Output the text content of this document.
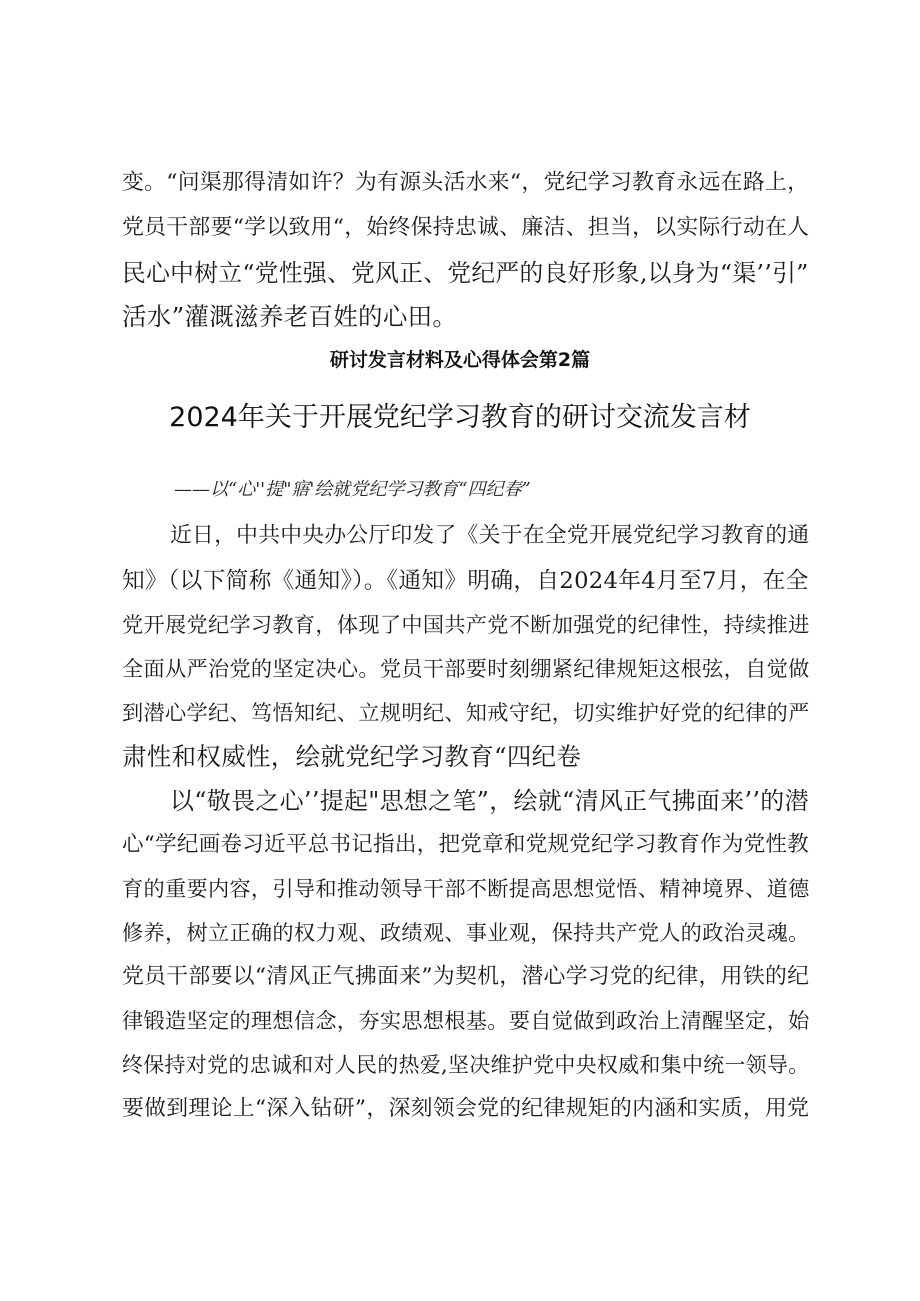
变。“问渠那得清如许？为有源头活水来“，党纪学习教育永远在路上，
党员干部要“学以致用“，始终保持忠诚、廉洁、担当，以实际行动在人
民心中树立“党性强、党风正、党纪严的良好形象,以身为“渠’’引”
活水”灌溉滋养老百姓的心田。
研讨发言材料及心得体会第2篇
2024年关于开展党纪学习教育的研讨交流发言材
——以“心''提"寤'绘就党纪学习教育“四纪春”
近日，中共中央办公厅印发了《关于在全党开展党纪学习教育的通
知》（以下简称《通知》）。《通知》明确，自2024年4月至7月，在全
党开展党纪学习教育，体现了中国共产党不断加强党的纪律性，持续推进
全面从严治党的坚定决心。党员干部要时刻绷紧纪律规矩这根弦，自觉做
到潜心学纪、笃悟知纪、立规明纪、知戒守纪，切实维护好党的纪律的严
肃性和权威性，绘就党纪学习教育“四纪卷
以“敬畏之心’’提起"思想之笔”，绘就“清风正气拂面来’’的潜
心“学纪画卷习近平总书记指出，把党章和党规党纪学习教育作为党性教
育的重要内容，引导和推动领导干部不断提高思想觉悟、精神境界、道德
修养，树立正确的权力观、政绩观、事业观，保持共产党人的政治灵魂。
党员干部要以“清风正气拂面来”为契机，潜心学习党的纪律，用铁的纪
律锻造坚定的理想信念，夯实思想根基。要自觉做到政治上清醒坚定，始
终保持对党的忠诚和对人民的热爱,坚决维护党中央权威和集中统一领导。
要做到理论上“深入钻研”，深刻领会党的纪律规矩的内涵和实质，用党
